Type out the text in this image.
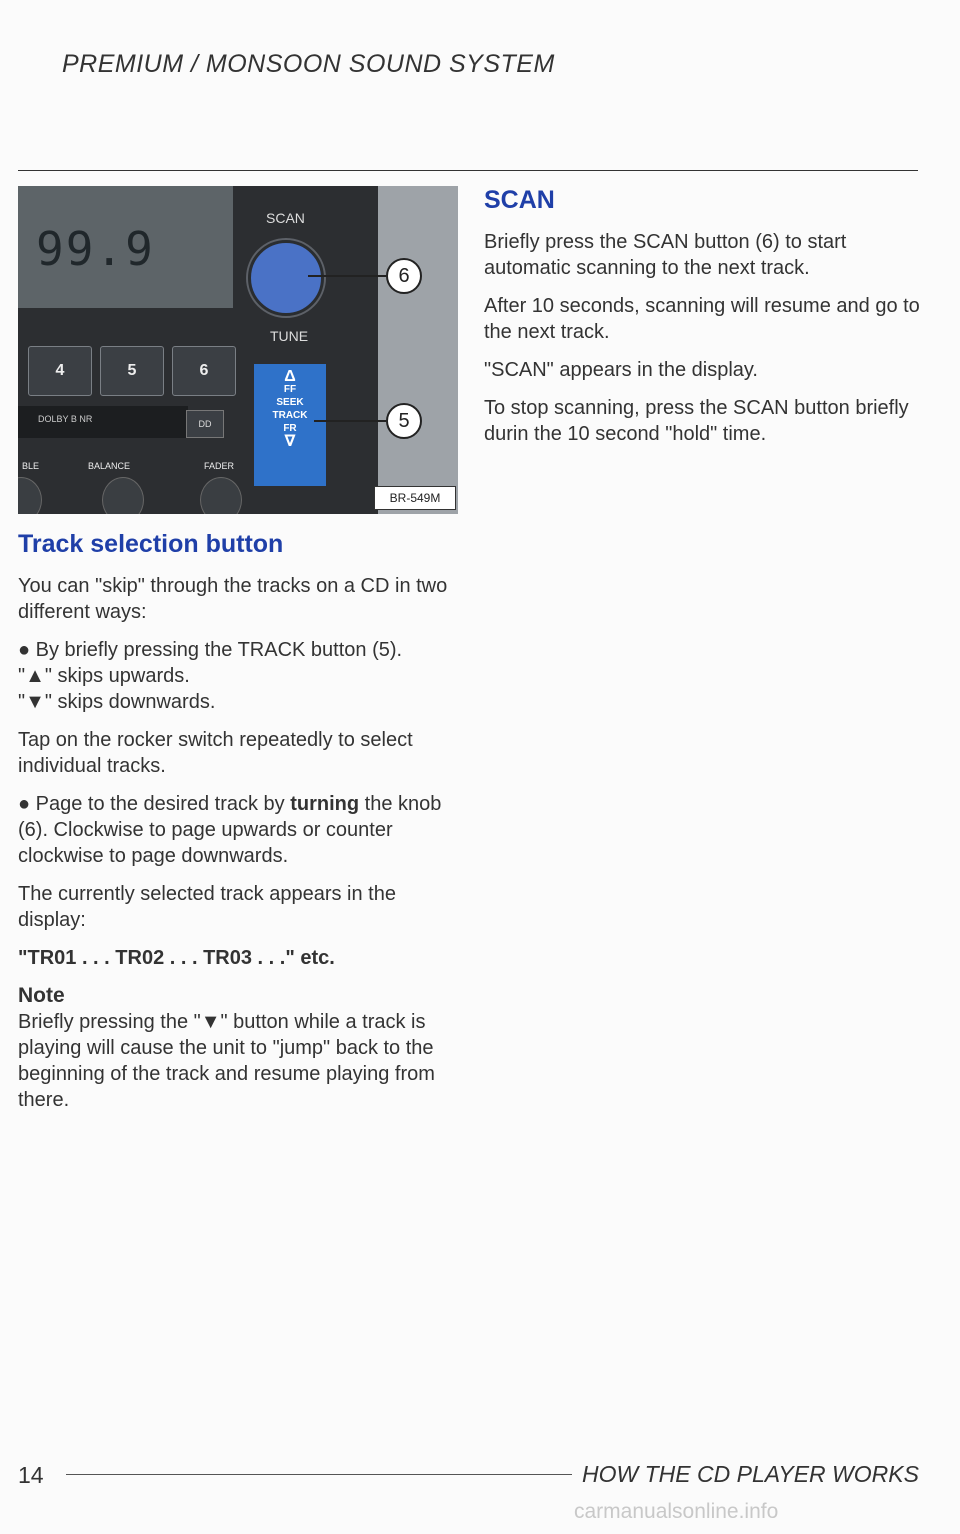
PREMIUM / MONSOON SOUND SYSTEM
99.9
4	5	6
DOLBY B NR	DD
BLE	BALANCE	FADER
SCAN
TUNE
Δ
FF
SEEK
TRACK
FR
∇
6
5
BR-549M
Track selection button

You can "skip" through the tracks on a CD in two different ways:

● By briefly pressing the TRACK button (5).

"▲" skips upwards.

"▼" skips downwards.

Tap on the rocker switch repeatedly to select individual tracks.

● Page to the desired track by turning the knob (6). Clockwise to page upwards or counter clockwise to page downwards.

The currently selected track appears in the display:

"TR01 . . . TR02 . . . TR03 . . ." etc.

Note

Briefly pressing the "▼" button while a track is playing will cause the unit to "jump" back to the beginning of the track and resume playing from there.

SCAN

Briefly press the SCAN button (6) to start automatic scanning to the next track.

After 10 seconds, scanning will resume and go to the next track.

"SCAN" appears in the display.

To stop scanning, press the SCAN button briefly durin the 10 second "hold" time.

14	HOW THE CD PLAYER WORKS
carmanualsonline.info
